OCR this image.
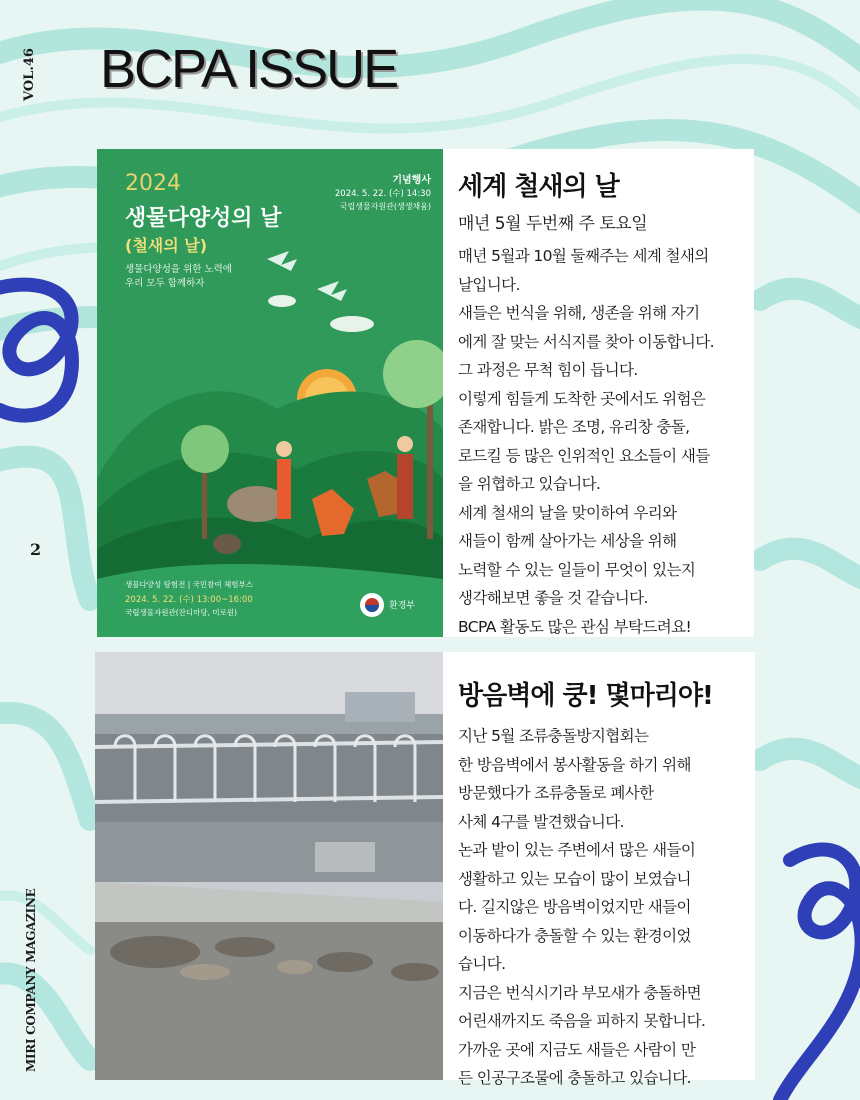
VOL.46
2
MIRI COMPANY MAGAZINE
BCPA ISSUE
2024
생물다양성의 날
(철새의 날)
생물다양성을 위한 노력에
우리 모두 함께하자
기념행사
2024. 5. 22. (수) 14:30
국립생물자원관(생생채움)
생물다양성 탐험전 | 국민참여 체험부스
2024. 5. 22. (수) 13:00~16:00
국립생물자원관(잔디마당, 미로원)
환경부
세계 철새의 날
매년 5월 두번째 주 토요일

매년 5월과 10월 둘째주는 세계 철새의

날입니다.

새들은 번식을 위해, 생존을 위해 자기

에게 잘 맞는 서식지를 찾아 이동합니다.

그 과정은 무척 힘이 듭니다.

이렇게 힘들게 도착한 곳에서도 위험은

존재합니다. 밝은 조명, 유리창 충돌,

로드킬 등 많은 인위적인 요소들이 새들

을 위협하고 있습니다.

세계 철새의 날을 맞이하여 우리와

새들이 함께 살아가는 세상을 위해

노력할 수 있는 일들이 무엇이 있는지

생각해보면 좋을 것 같습니다.

BCPA 활동도 많은 관심 부탁드려요!

방음벽에 쿵! 몇마리야!

지난 5월 조류충돌방지협회는

한 방음벽에서 봉사활동을 하기 위해

방문했다가 조류충돌로 폐사한

사체 4구를 발견했습니다.

논과 밭이 있는 주변에서 많은 새들이

생활하고 있는 모습이 많이 보였습니

다. 길지않은 방음벽이었지만 새들이

이동하다가 충돌할 수 있는 환경이었

습니다.

지금은 번식시기라 부모새가 충돌하면

어린새까지도 죽음을 피하지 못합니다.

가까운 곳에 지금도 새들은 사람이 만

든 인공구조물에 충돌하고 있습니다.
